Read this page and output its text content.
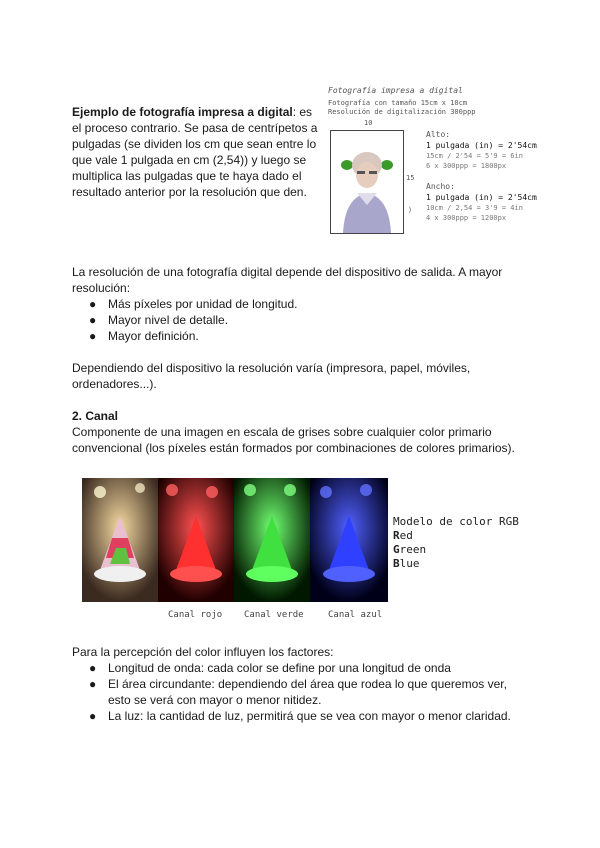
Ejemplo de fotografía impresa a digital: es el proceso contrario. Se pasa de centrípetos a pulgadas (se dividen los cm que sean entre lo que vale 1 pulgada en cm (2,54)) y luego se multiplica las pulgadas que te haya dado el resultado anterior por la resolución que den.
Fotografía impresa a digital
Fotografía con tamaño 15cm x 10cm
Resolución de digitalización 300ppp
10
15
⟩
Alto:
1 pulgada (in) = 2'54cm
15cm / 2'54 = 5'9 = 6in
6 x 300ppp = 1800px
Ancho:
1 pulgada (in) = 2'54cm
10cm / 2,54 = 3'9 = 4in
4 x 300ppp = 1200px
La resolución de una fotografía digital depende del dispositivo de salida. A mayor resolución:
● Más píxeles por unidad de longitud.
● Mayor nivel de detalle.
● Mayor definición.
Dependiendo del dispositivo la resolución varía (impresora, papel, móviles, ordenadores...).
2. Canal
Componente de una imagen en escala de grises sobre cualquier color primario convencional (los píxeles están formados por combinaciones de colores primarios).
Modelo de color RGB
Red
Green
Blue
Canal rojo Canal verde	Canal azul
Para la percepción del color influyen los factores:
● Longitud de onda: cada color se define por una longitud de onda
● El área circundante: dependiendo del área que rodea lo que queremos ver, esto se verá con mayor o menor nitidez.
● La luz: la cantidad de luz, permitirá que se vea con mayor o menor claridad.
